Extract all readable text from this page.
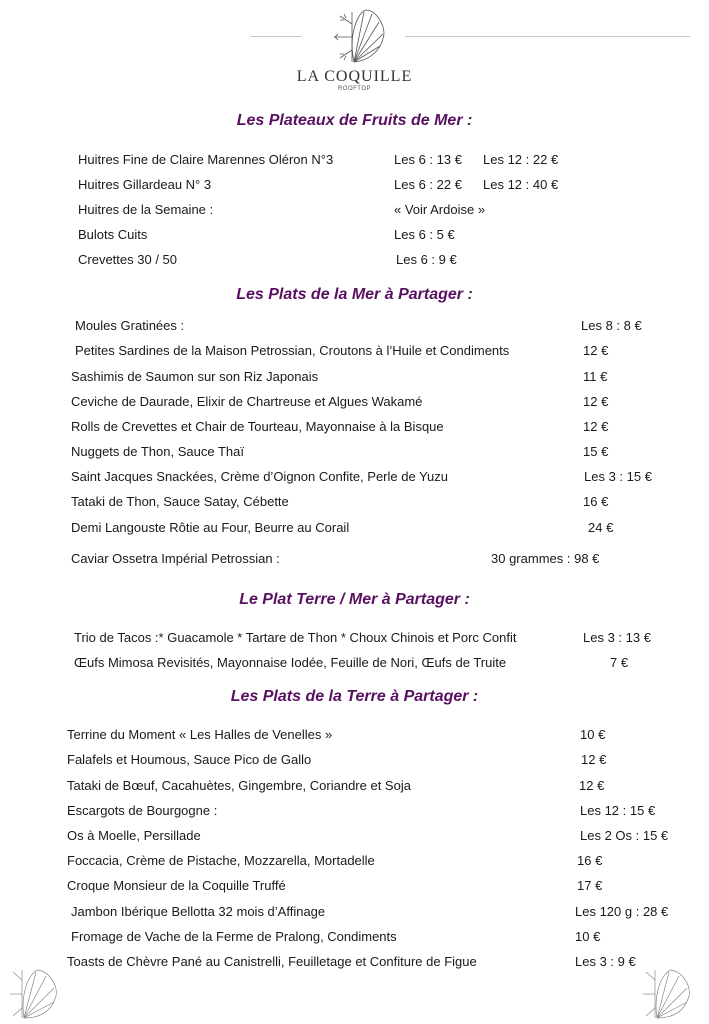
LA COQUILLE
ROOFTOP
Les Plateaux de Fruits de Mer :
Huitres Fine de Claire Marennes Oléron N°3	Les 6 : 13 € Les 12 : 22 €
Huitres Gillardeau N° 3	Les 6 : 22 € Les 12 : 40 €
Huitres de la Semaine :	« Voir Ardoise »
Bulots Cuits	Les 6 : 5 €
Crevettes 30 / 50	Les 6 : 9 €
Les Plats de la Mer à Partager :
Moules Gratinées :	Les 8 : 8 €
Petites Sardines de la Maison Petrossian, Croutons à l’Huile et Condiments	12 €
Sashimis de Saumon sur son Riz Japonais	11 €
Ceviche de Daurade, Elixir de Chartreuse et Algues Wakamé	12 €
Rolls de Crevettes et Chair de Tourteau, Mayonnaise à la Bisque	12 €
Nuggets de Thon, Sauce Thaï	15 €
Saint Jacques Snackées, Crème d’Oignon Confite, Perle de Yuzu	Les 3 : 15 €
Tataki de Thon, Sauce Satay, Cébette	16 €
Demi Langouste Rôtie au Four, Beurre au Corail	24 €
Caviar Ossetra Impérial Petrossian :	30 grammes : 98 €
Le Plat Terre / Mer à Partager :
Trio de Tacos :* Guacamole * Tartare de Thon * Choux Chinois et Porc Confit	Les 3 : 13 €
Œufs Mimosa Revisités, Mayonnaise Iodée, Feuille de Nori, Œufs de Truite	7 €
Les Plats de la Terre à Partager :
Terrine du Moment « Les Halles de Venelles »	10 €
Falafels et Houmous, Sauce Pico de Gallo	12 €
Tataki de Bœuf, Cacahuètes, Gingembre, Coriandre et Soja	12 €
Escargots de Bourgogne :	Les 12 : 15 €
Os à Moelle, Persillade	Les 2 Os : 15 €
Foccacia, Crème de Pistache, Mozzarella, Mortadelle	16 €
Croque Monsieur de la Coquille Truffé	17 €
Jambon Ibérique Bellotta 32 mois d’Affinage	Les 120 g : 28 €
Fromage de Vache de la Ferme de Pralong, Condiments	10 €
Toasts de Chèvre Pané au Canistrelli, Feuilletage et Confiture de Figue	Les 3 : 9 €
